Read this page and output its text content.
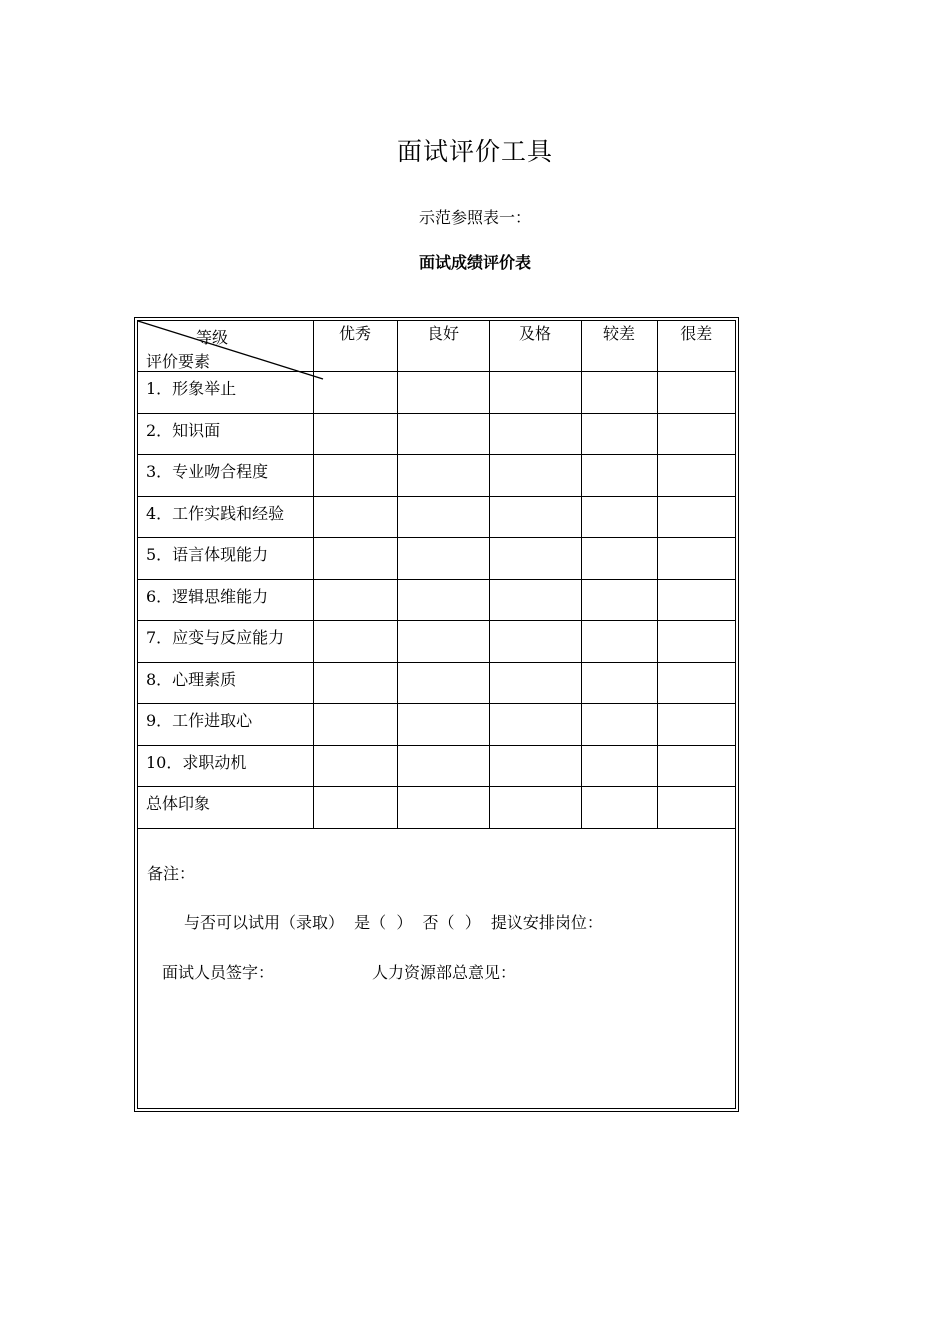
面试评价工具
示范参照表一：
面试成绩评价表
等级
评价要素	优秀	良好	及格	较差	很差

1．形象举止					

2．知识面					

3．专业吻合程度					

4．工作实践和经验					

5．语言体现能力					

6．逻辑思维能力					

7．应变与反应能力					

8．心理素质					

9．工作进取心					

10．求职动机					

总体印象					

备注：
与否可以试用（录取）  是（  ）  否（  ）  提议安排岗位：
面试人员签字： 人力资源部总意见：					
